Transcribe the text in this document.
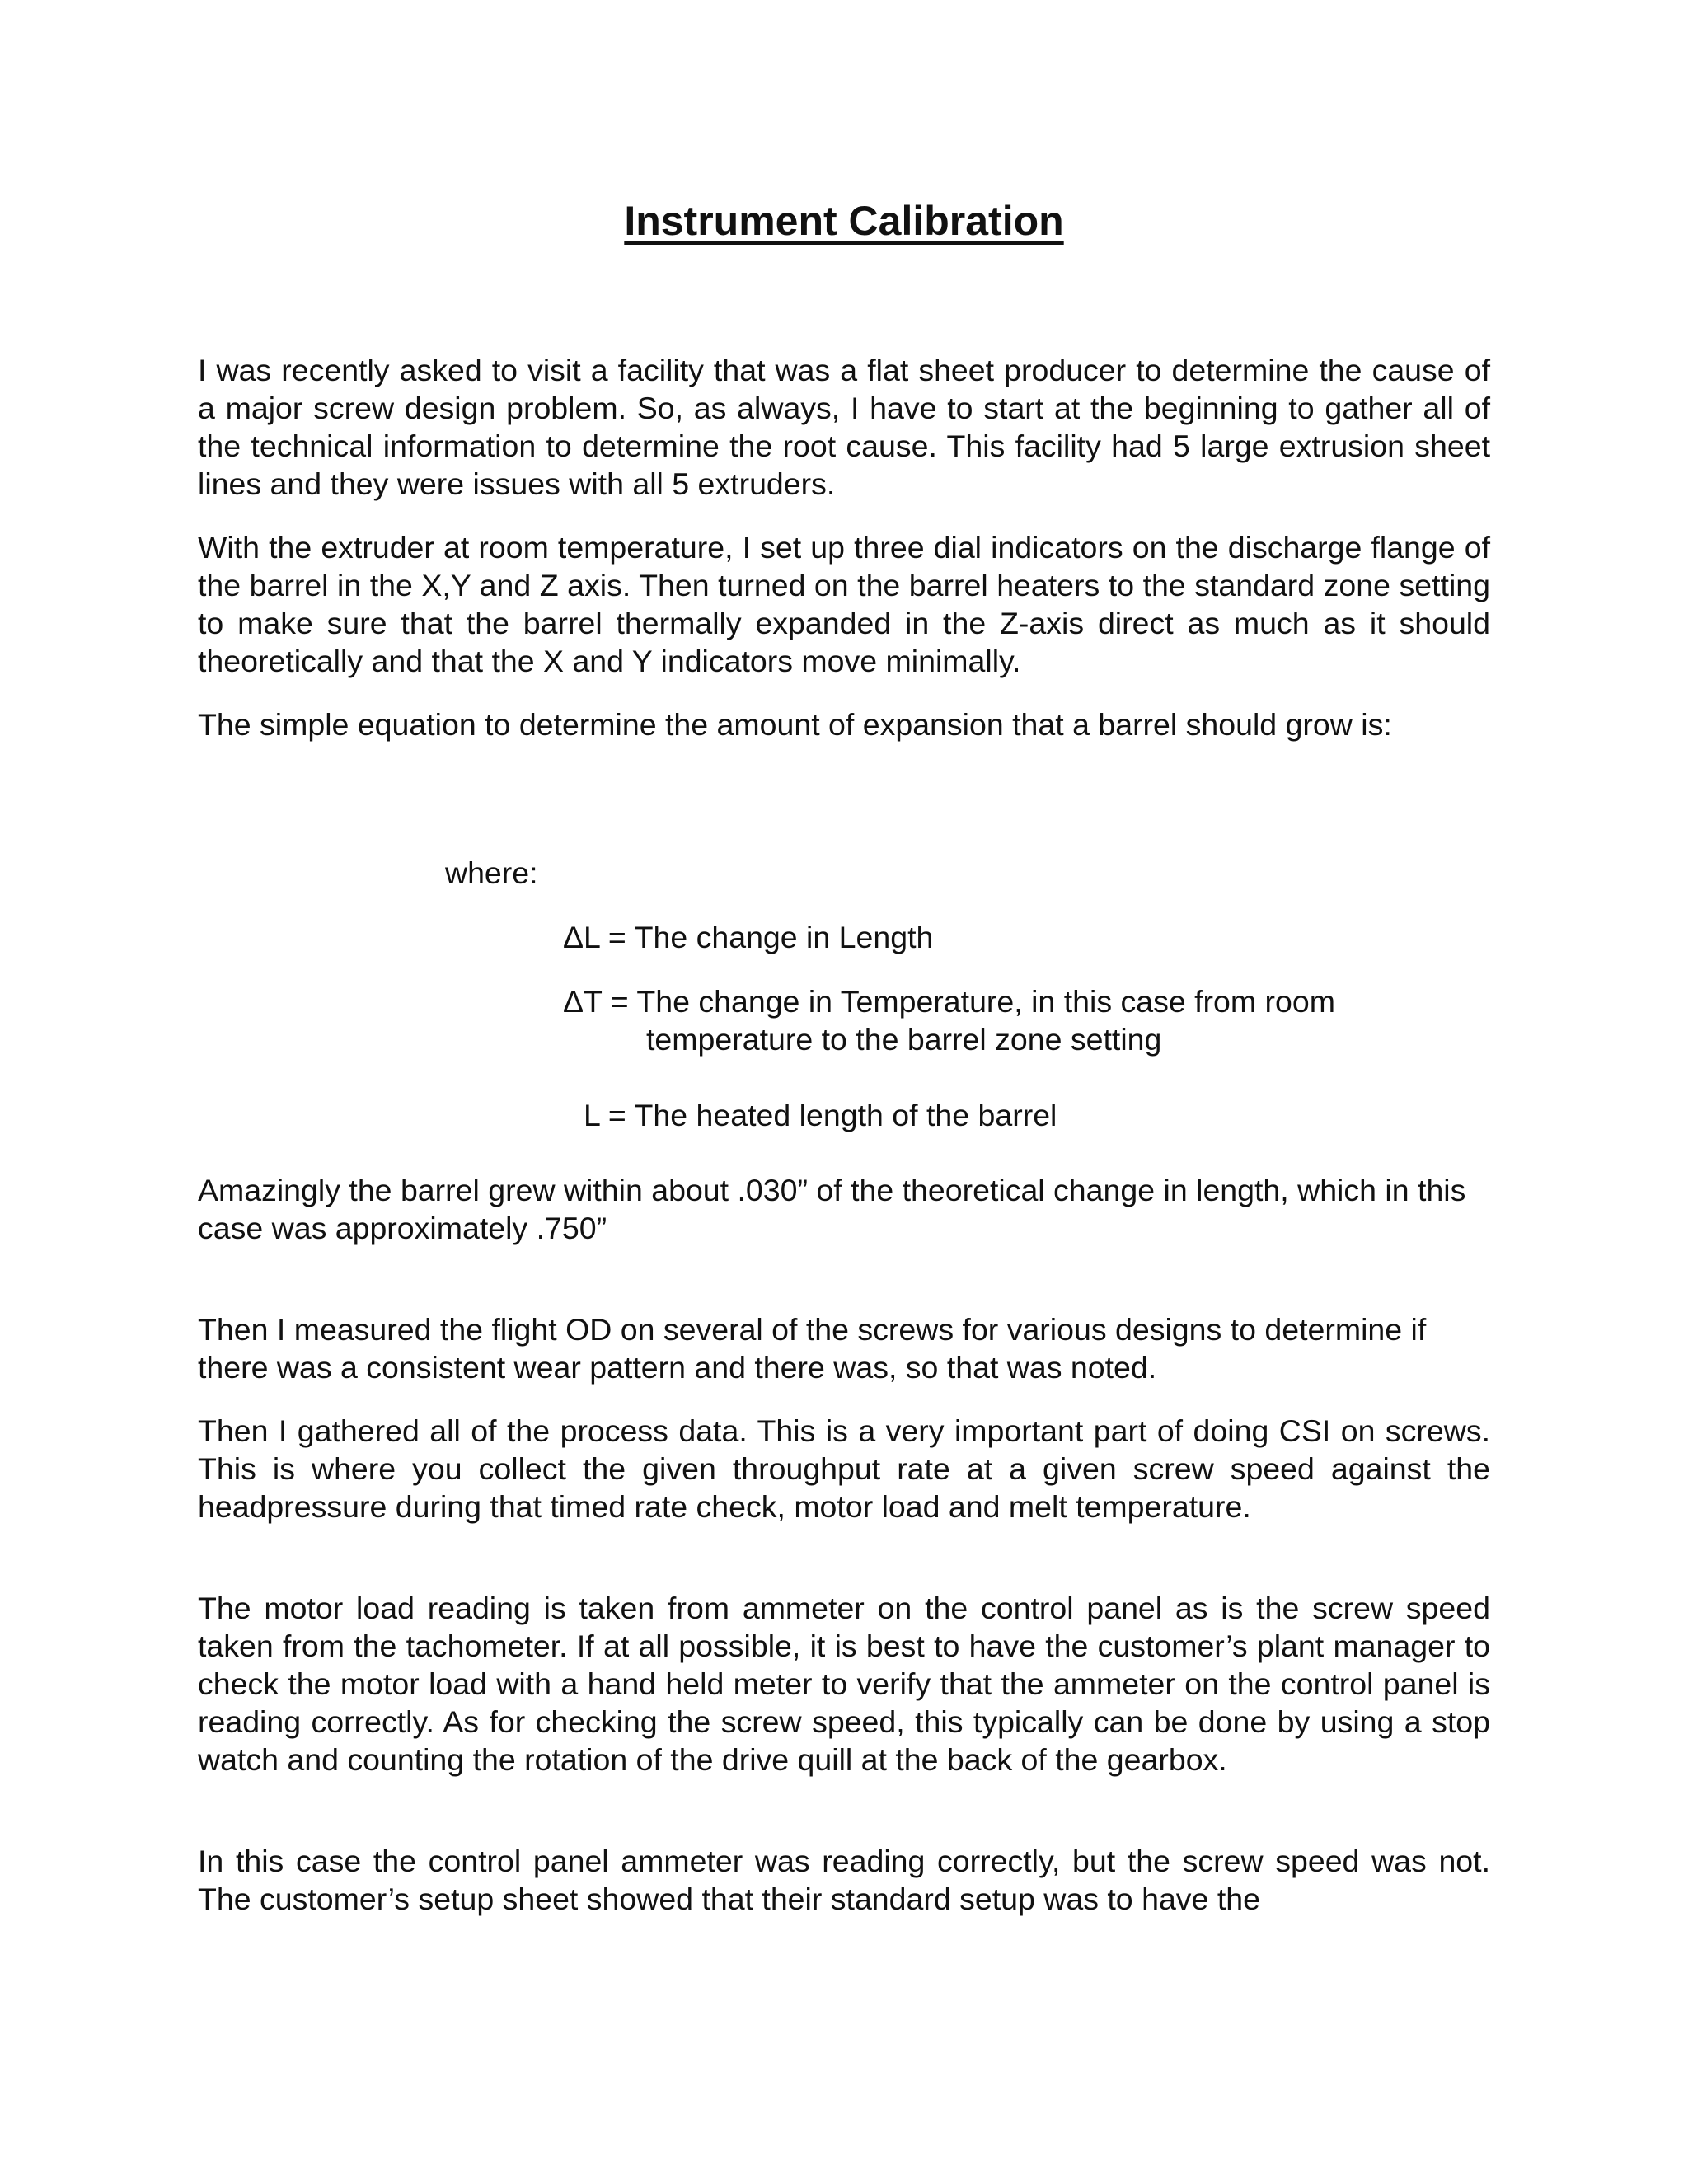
Instrument Calibration

I was recently asked to visit a facility that was a flat sheet producer to determine the cause of a major screw design problem. So, as always, I have to start at the beginning to gather all of the technical information to determine the root cause. This facility had 5 large extrusion sheet lines and they were issues with all 5 extruders.

With the extruder at room temperature, I set up three dial indicators on the discharge flange of the barrel in the X,Y and Z axis. Then turned on the barrel heaters to the standard zone setting to make sure that the barrel thermally expanded in the Z-axis direct as much as it should theoretically and that the X and Y indicators move minimally.

The simple equation to determine the amount of expansion that a barrel should grow is:

where:
ΔL = The change in Length
ΔT = The change in Temperature, in this case from room
temperature to the barrel zone setting
L = The heated length of the barrel

Amazingly the barrel grew within about .030” of the theoretical change in length, which in this case was approximately .750”

Then I measured the flight OD on several of the screws for various designs to determine if there was a consistent wear pattern and there was, so that was noted.

Then I gathered all of the process data. This is a very important part of doing CSI on screws. This is where you collect the given throughput rate at a given screw speed against the headpressure during that timed rate check, motor load and melt temperature.

The motor load reading is taken from ammeter on the control panel as is the screw speed taken from the tachometer. If at all possible, it is best to have the customer’s plant manager to check the motor load with a hand held meter to verify that the ammeter on the control panel is reading correctly. As for checking the screw speed, this typically can be done by using a stop watch and counting the rotation of the drive quill at the back of the gearbox.

In this case the control panel ammeter was reading correctly, but the screw speed was not. The customer’s setup sheet showed that their standard setup was to have the
